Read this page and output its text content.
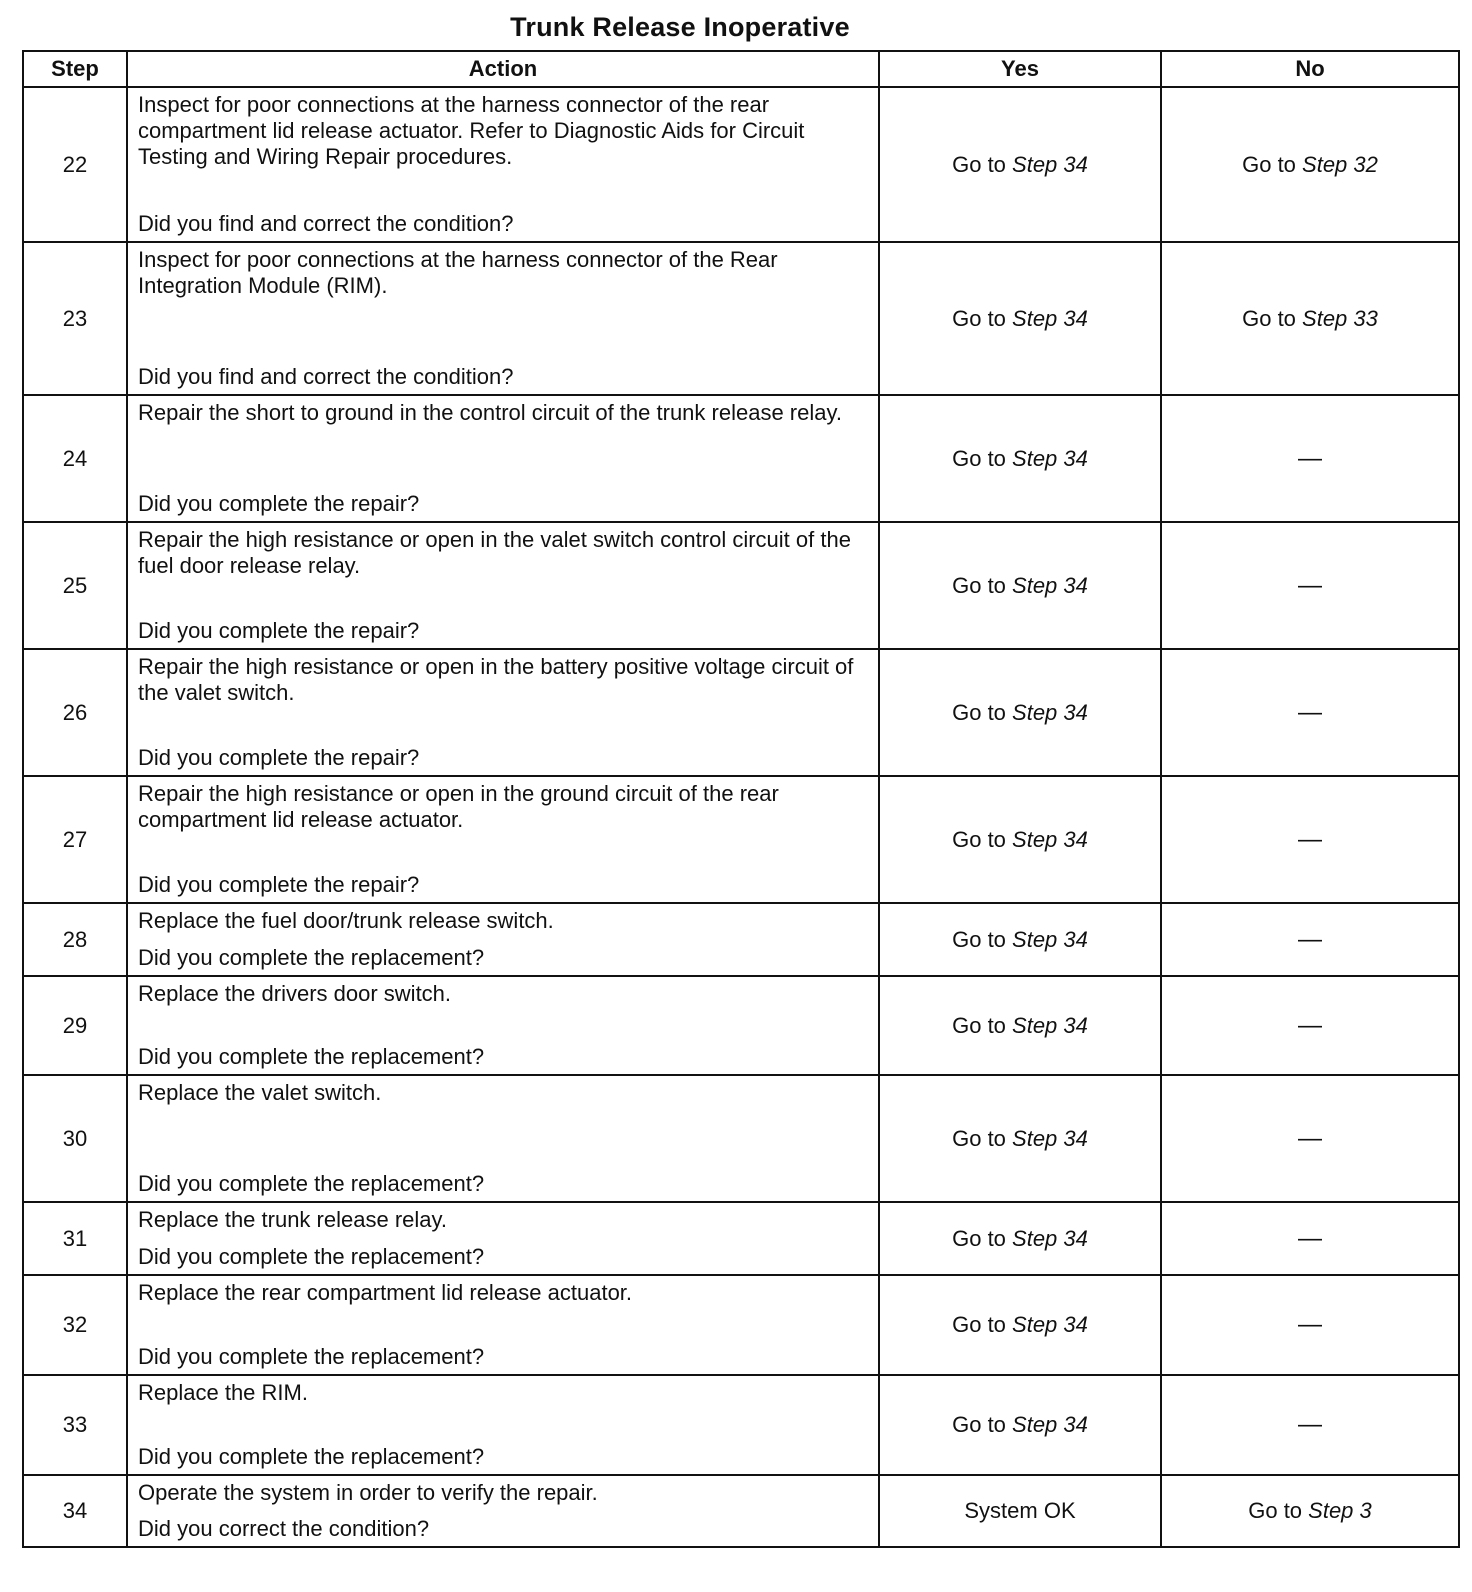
Trunk Release Inoperative
Step	Action	Yes	No
22	Inspect for poor connections at the harness connector of the rear compartment lid release actuator. Refer to Diagnostic Aids for Circuit Testing and Wiring Repair procedures.
Did you find and correct the condition?	Go to Step 34	Go to Step 32
23	Inspect for poor connections at the harness connector of the Rear Integration Module (RIM).
Did you find and correct the condition?	Go to Step 34	Go to Step 33
24	Repair the short to ground in the control circuit of the trunk release relay.
Did you complete the repair?	Go to Step 34	—
25	Repair the high resistance or open in the valet switch control circuit of the fuel door release relay.
Did you complete the repair?	Go to Step 34	—
26	Repair the high resistance or open in the battery positive voltage circuit of the valet switch.
Did you complete the repair?	Go to Step 34	—
27	Repair the high resistance or open in the ground circuit of the rear compartment lid release actuator.
Did you complete the repair?	Go to Step 34	—
28	Replace the fuel door/trunk release switch.
Did you complete the replacement?	Go to Step 34	—
29	Replace the drivers door switch.
Did you complete the replacement?	Go to Step 34	—
30	Replace the valet switch.
Did you complete the replacement?	Go to Step 34	—
31	Replace the trunk release relay.
Did you complete the replacement?	Go to Step 34	—
32	Replace the rear compartment lid release actuator.
Did you complete the replacement?	Go to Step 34	—
33	Replace the RIM.
Did you complete the replacement?	Go to Step 34	—
34	Operate the system in order to verify the repair.
Did you correct the condition?	System OK	Go to Step 3
